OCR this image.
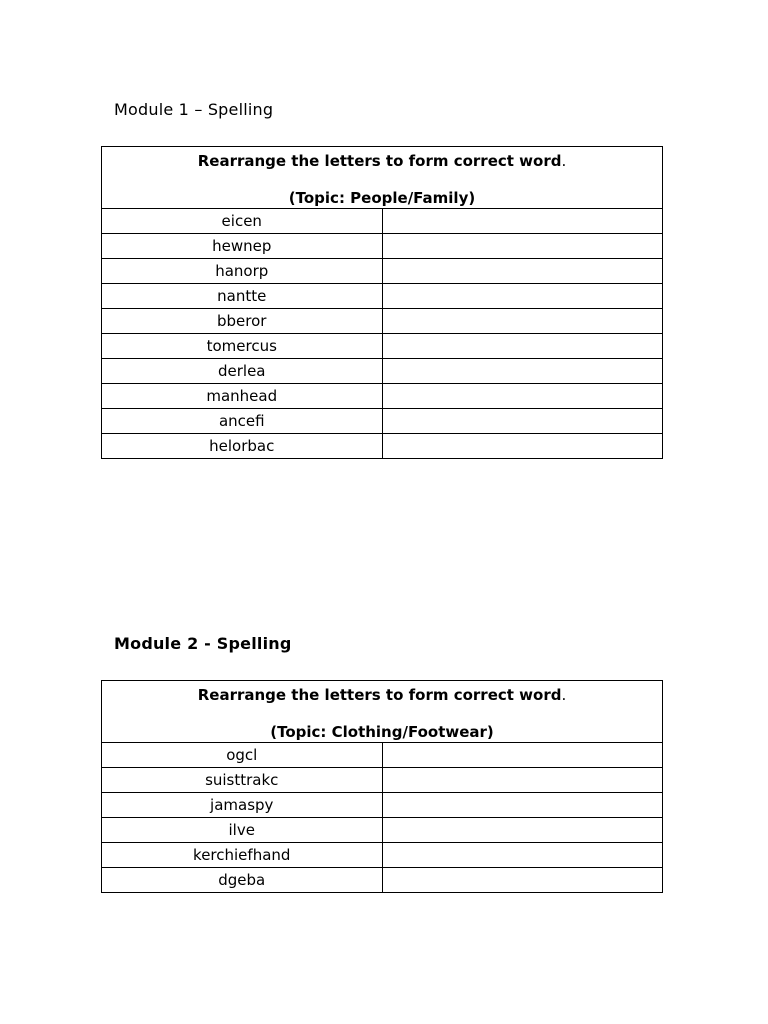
Module 1 – Spelling
Rearrange the letters to form correct word.
(Topic: People/Family)	

eicen	
hewnep	
hanorp	
nantte	
bberor	
tomercus	
derlea	
manhead	
ancefi	
helorbac	
Module 2 - Spelling
Rearrange the letters to form correct word.
(Topic: Clothing/Footwear)	

ogcl	
suisttrakc	
jamaspy	
ilve	
kerchiefhand	
dgeba	
